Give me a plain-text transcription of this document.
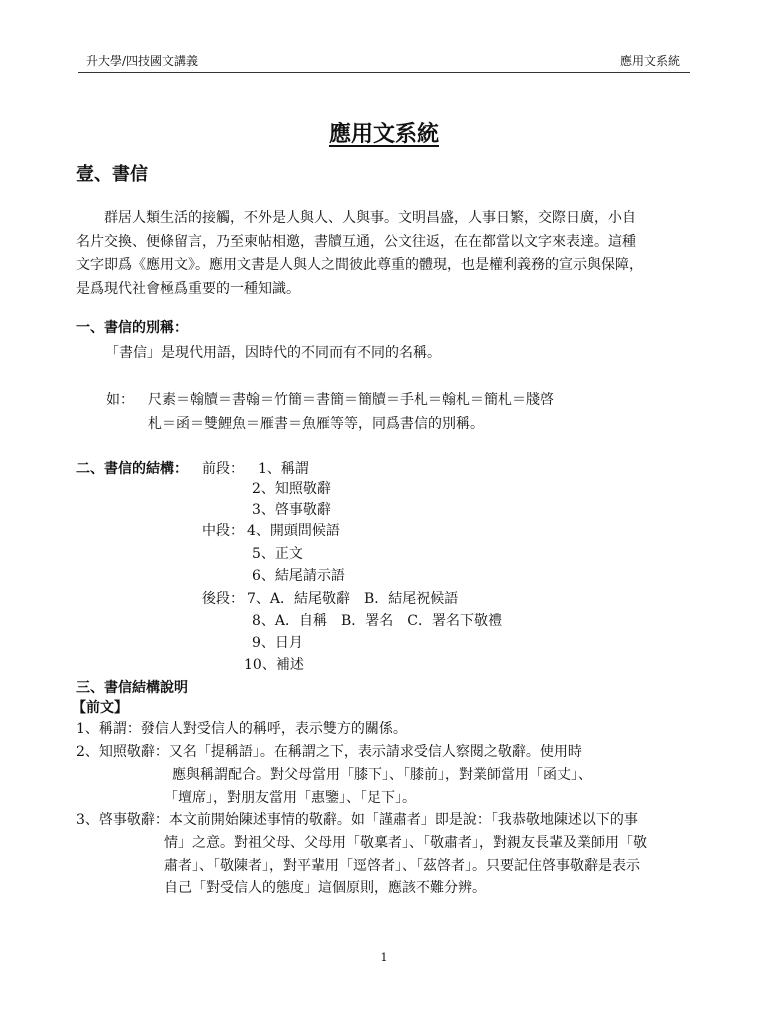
升大學/四技國文講義	應用文系統
應用文系統
壹、書信
　　群居人類生活的接觸，不外是人與人、人與事。文明昌盛，人事日繁，交際日廣，小自
名片交換、便條留言，乃至柬帖相邀，書牘互通，公文往返，在在都當以文字來表達。這種
文字即爲《應用文》。應用文書是人與人之間彼此尊重的體現，也是權利義務的宣示與保障，
是爲現代社會極爲重要的一種知識。
一、書信的別稱：
「書信」是現代用語，因時代的不同而有不同的名稱。
如： 尺素＝翰牘＝書翰＝竹簡＝書簡＝簡牘＝手札＝翰札＝簡札＝牋啓
札＝函＝雙鯉魚＝雁書＝魚雁等等，同爲書信的別稱。
二、書信的結構： 前段： 1、稱謂
2、知照敬辭
3、啓事敬辭
中段： 4、開頭問候語
5、正文
6、結尾請示語
後段： 7、A．結尾敬辭　B．結尾祝候語
8、A．自稱　B．署名　C．署名下敬禮
9、日月
10、補述
三、書信結構說明
【前文】
1、稱謂：發信人對受信人的稱呼，表示雙方的關係。
2、知照敬辭：又名「提稱語」。在稱謂之下，表示請求受信人察閱之敬辭。使用時
應與稱謂配合。對父母當用「膝下」、「膝前」，對業師當用「函丈」、
「壇席」，對朋友當用「惠鑒」、「足下」。
3、啓事敬辭：本文前開始陳述事情的敬辭。如「謹肅者」即是說：「我恭敬地陳述以下的事
情」之意。對祖父母、父母用「敬稟者」、「敬肅者」，對親友長輩及業師用「敬
肅者」、「敬陳者」，對平輩用「逕啓者」、「茲啓者」。只要記住啓事敬辭是表示
自己「對受信人的態度」這個原則，應該不難分辨。
1
